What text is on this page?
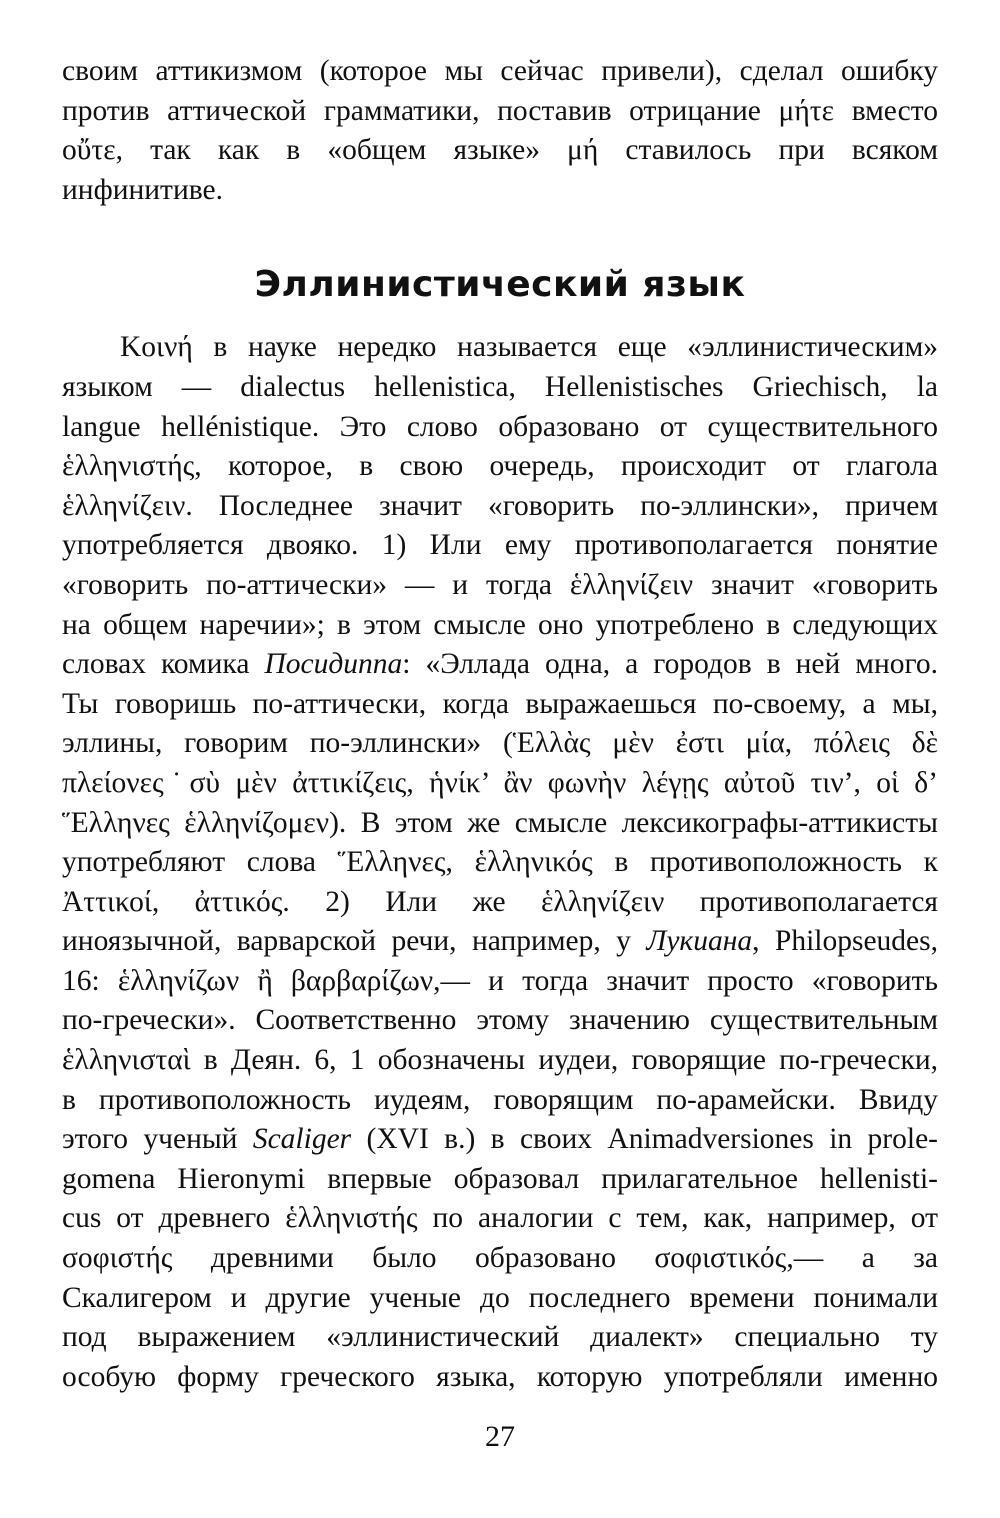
своим аттикизмом (которое мы сейчас привели), сделал ошибку
против аттической грамматики, поставив отрицание μήτε вместо
οὔτε, так как в «общем языке» μή ставилось при всяком
инфинитиве.

Эллинистический язык

Κοινή в науке нередко называется еще «эллинистическим»
языком — dialectus hellenistica, Hellenistisches Griechisch, la
langue hellénistique. Это слово образовано от существительного
ἑλληνιστής, которое, в свою очередь, происходит от глагола
ἑλληνίζειν. Последнее значит «говорить по-эллински», причем
употребляется двояко. 1) Или ему противополагается понятие
«говорить по-аттически» — и тогда ἑλληνίζειν значит «говорить
на общем наречии»; в этом смысле оно употреблено в следующих
словах комика Посидиппа: «Эллада одна, а городов в ней много.
Ты говоришь по-аттически, когда выражаешься по-своему, а мы,
эллины, говорим по-эллински» (Ἑλλὰς μὲν ἐστι μία, πόλεις δὲ
πλείονες˙σὺ μὲν ἀττικίζεις, ἡνίκ’ ἂν φωνὴν λέγῃς αὐτοῦ τιν’, οἱ δ’
Ἕλληνες ἑλληνίζομεν). В этом же смысле лексикографы-аттикисты
употребляют слова Ἕλληνες, ἑλληνικός в противоположность к
Ἀττικοί, ἀττικός. 2) Или же ἑλληνίζειν противополагается
иноязычной, варварской речи, например, у Лукиана, Philopseudes,
16: ἑλληνίζων ἢ βαρβαρίζων,— и тогда значит просто «говорить
по-гречески». Соответственно этому значению существительным
ἑλληνισταὶ в Деян. 6, 1 обозначены иудеи, говорящие по-гречески,
в противоположность иудеям, говорящим по-арамейски. Ввиду
этого ученый Scaliger (XVI в.) в своих Animadversiones in prole-
gomena Hieronymi впервые образовал прилагательное hellenisti-
cus от древнего ἑλληνιστής по аналогии с тем, как, например, от
σοφιστής древними было образовано σοφιστικός,— а за
Скалигером и другие ученые до последнего времени понимали
под выражением «эллинистический диалект» специально ту
особую форму греческого языка, которую употребляли именно

27
